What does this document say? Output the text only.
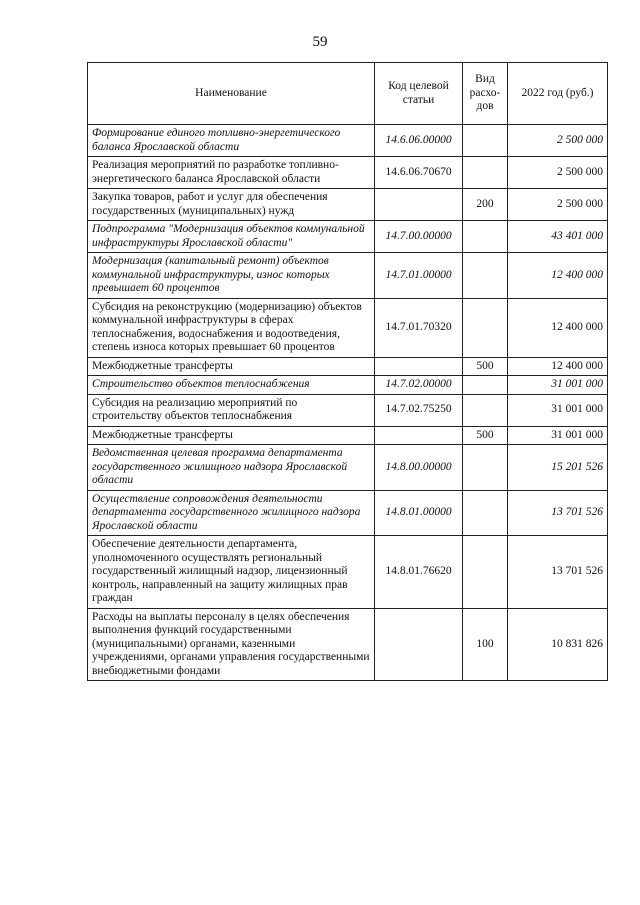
59
Наименование	Код целевой статьи	Вид расхо-дов	2022 год (руб.)
Формирование единого топливно-энергетического баланса Ярославской области	14.6.06.00000		2 500 000
Реализация мероприятий по разработке топливно-энергетического баланса Ярославской области	14.6.06.70670		2 500 000
Закупка товаров, работ и услуг для обеспечения государственных (муниципальных) нужд		200	2 500 000
Подпрограмма "Модернизация объектов коммунальной инфраструктуры Ярославской области"	14.7.00.00000		43 401 000
Модернизация (капитальный ремонт) объектов коммунальной инфраструктуры, износ которых превышает 60 процентов	14.7.01.00000		12 400 000
Субсидия на реконструкцию (модернизацию) объектов коммунальной инфраструктуры в сферах теплоснабжения, водоснабжения и водоотведения, степень износа которых превышает 60 процентов	14.7.01.70320		12 400 000
Межбюджетные трансферты		500	12 400 000
Строительство объектов теплоснабжения	14.7.02.00000		31 001 000
Субсидия на реализацию мероприятий по строительству объектов теплоснабжения	14.7.02.75250		31 001 000
Межбюджетные трансферты		500	31 001 000
Ведомственная целевая программа департамента государственного жилищного надзора Ярославской области	14.8.00.00000		15 201 526
Осуществление сопровождения деятельности департамента государственного жилищного надзора Ярославской области	14.8.01.00000		13 701 526
Обеспечение деятельности департамента, уполномоченного осуществлять региональный государственный жилищный надзор, лицензионный контроль, направленный на защиту жилищных прав граждан	14.8.01.76620		13 701 526
Расходы на выплаты персоналу в целях обеспечения выполнения функций государственными (муниципальными) органами, казенными учреждениями, органами управления государственными внебюджетными фондами		100	10 831 826
